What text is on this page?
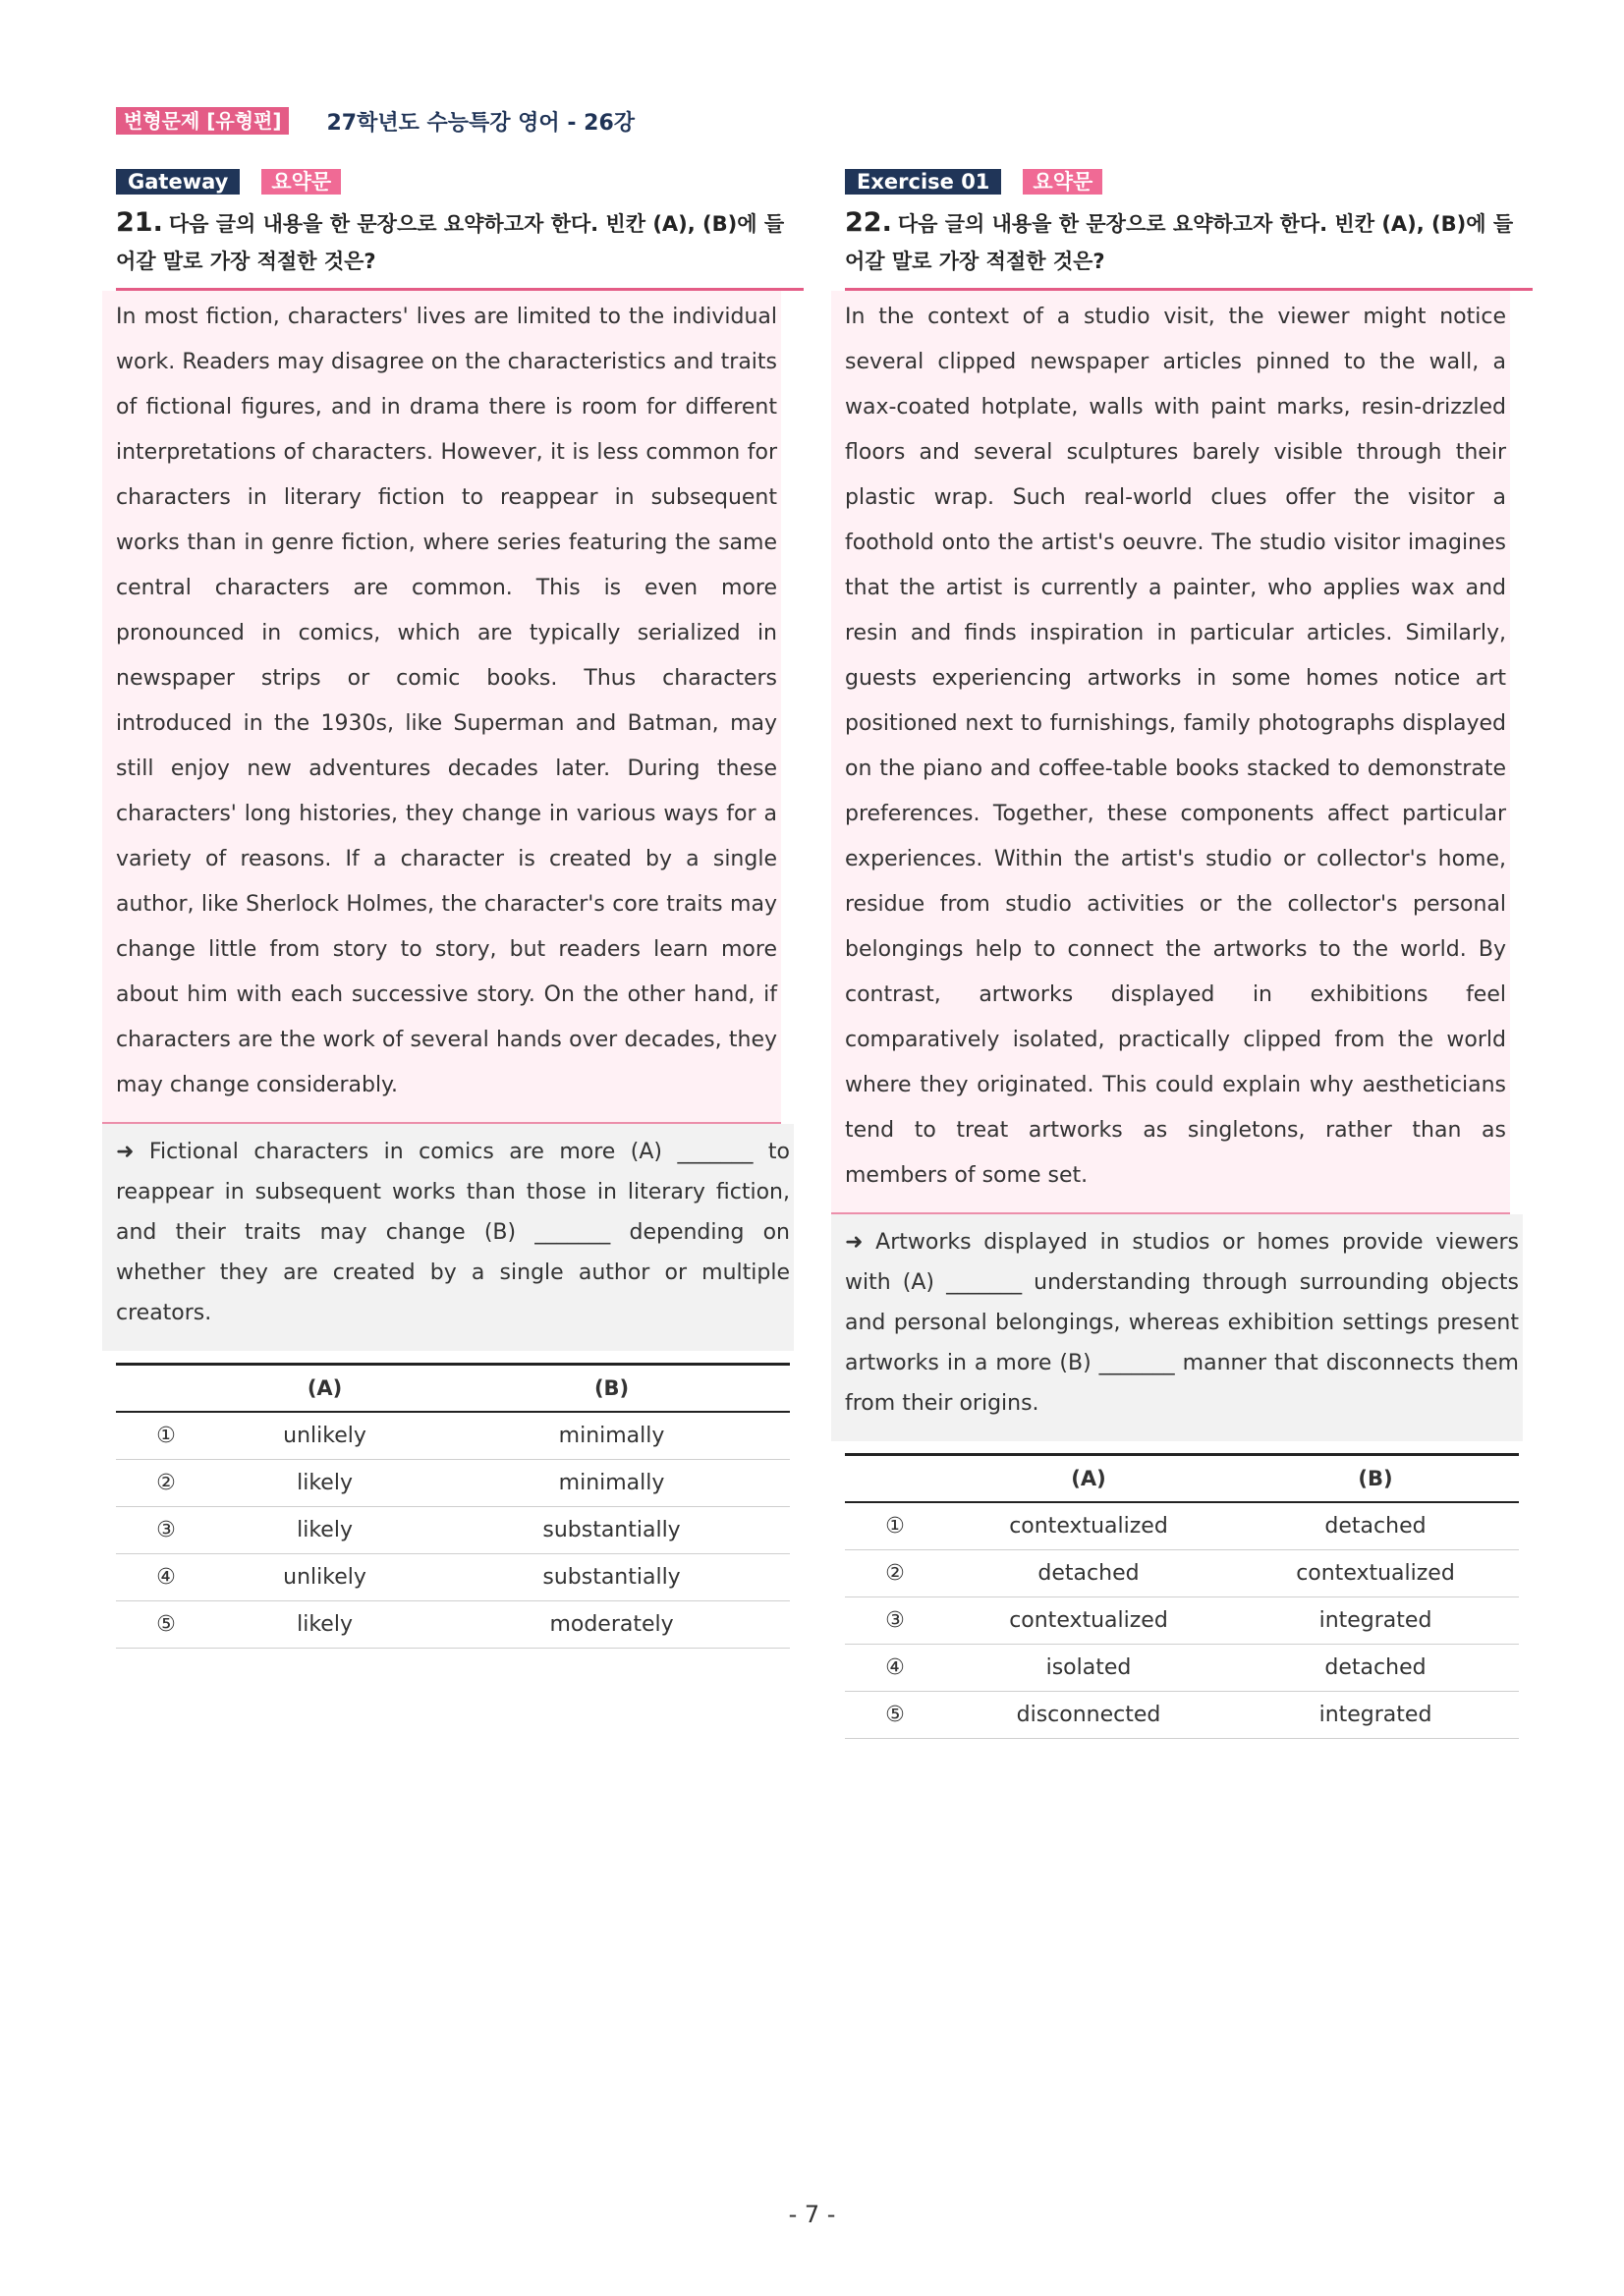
변형문제 [유형편]	27학년도 수능특강 영어 - 26강
Gateway	요약문
21. 다음 글의 내용을 한 문장으로 요약하고자 한다. 빈칸 (A), (B)에 들어갈 말로 가장 적절한 것은?
In most fiction, characters' lives are limited to the individual work. Readers may disagree on the characteristics and traits of fictional figures, and in drama there is room for different interpretations of characters. However, it is less common for characters in literary fiction to reappear in subsequent works than in genre fiction, where series featuring the same central characters are common. This is even more pronounced in comics, which are typically serialized in newspaper strips or comic books. Thus characters introduced in the 1930s, like Superman and Batman, may still enjoy new adventures decades later. During these characters' long histories, they change in various ways for a variety of reasons. If a character is created by a single author, like Sherlock Holmes, the character's core traits may change little from story to story, but readers learn more about him with each successive story. On the other hand, if characters are the work of several hands over decades, they may change considerably.
➜ Fictional characters in comics are more (A) _______ to reappear in subsequent works than those in literary fiction, and their traits may change (B) _______ depending on whether they are created by a single author or multiple creators.
	(A)	(B)
①	unlikely	minimally
②	likely	minimally
③	likely	substantially
④	unlikely	substantially
⑤	likely	moderately
Exercise 01	요약문
22. 다음 글의 내용을 한 문장으로 요약하고자 한다. 빈칸 (A), (B)에 들어갈 말로 가장 적절한 것은?
In the context of a studio visit, the viewer might notice several clipped newspaper articles pinned to the wall, a wax-coated hotplate, walls with paint marks, resin-drizzled floors and several sculptures barely visible through their plastic wrap. Such real-world clues offer the visitor a foothold onto the artist's oeuvre. The studio visitor imagines that the artist is currently a painter, who applies wax and resin and finds inspiration in particular articles. Similarly, guests experiencing artworks in some homes notice art positioned next to furnishings, family photographs displayed on the piano and coffee-table books stacked to demonstrate preferences. Together, these components affect particular experiences. Within the artist's studio or collector's home, residue from studio activities or the collector's personal belongings help to connect the artworks to the world. By contrast, artworks displayed in exhibitions feel comparatively isolated, practically clipped from the world where they originated. This could explain why aestheticians tend to treat artworks as singletons, rather than as members of some set.
➜ Artworks displayed in studios or homes provide viewers with (A) _______ understanding through surrounding objects and personal belongings, whereas exhibition settings present artworks in a more (B) _______ manner that disconnects them from their origins.
	(A)	(B)
①	contextualized	detached
②	detached	contextualized
③	contextualized	integrated
④	isolated	detached
⑤	disconnected	integrated
- 7 -
